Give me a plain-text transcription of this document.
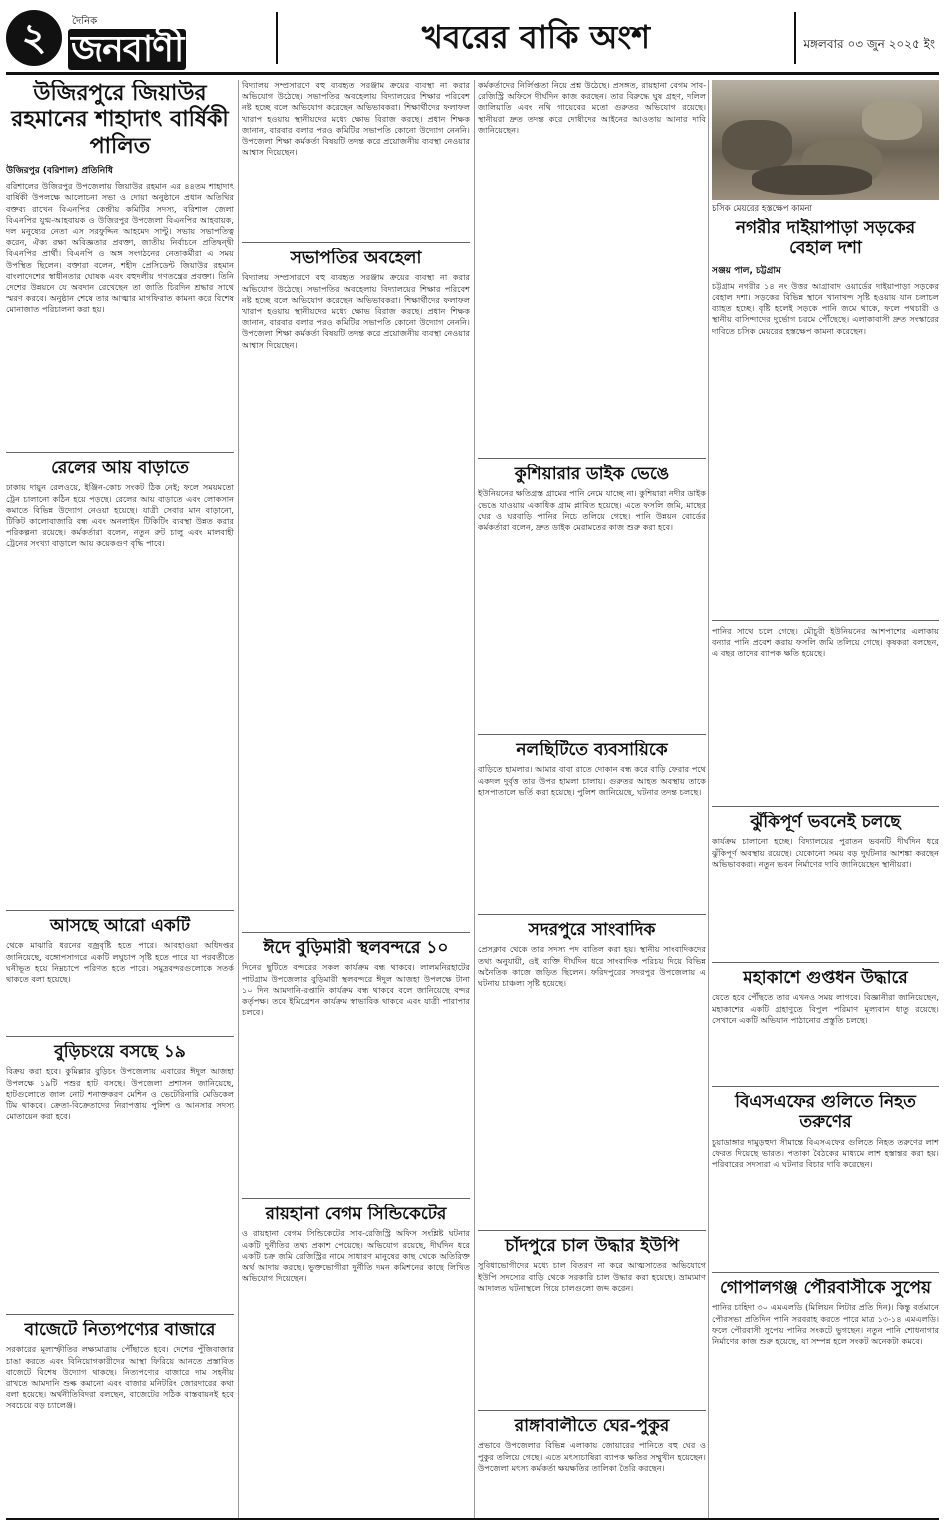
২	দৈনিক
জনবাণী	খবরের বাকি অংশ	মঙ্গলবার ০৩ জুন ২০২৫ ইং
উজিরপুরে জিয়াউর রহমানের শাহাদাৎ বার্ষিকী পালিত
উজিরপুর (বরিশাল) প্রতিনিধি
বরিশালের উজিরপুর উপজেলায় জিয়াউর রহমান এর ৪৪তম শাহাদাৎ বার্ষিকী উপলক্ষে আলোচনা সভা ও দোয়া অনুষ্ঠানে প্রধান অতিথির বক্তব্য রাখেন বিএনপির কেন্দ্রীয় কমিটির সদস্য, বরিশাল জেলা বিএনপির যুগ্ম-আহবায়ক ও উজিরপুর উপজেলা বিএনপির আহবায়ক, দল মনুষ্যের নেতা এস সরফুদ্দিন আহমেদ সান্টু। সভায় সভাপতিত্ব করেন, ঐক্য রক্ষা অবিজ্ঞতার প্রবক্তা, জাতীয় নির্বাচনে প্রতিদ্বন্দ্বী বিএনপির প্রার্থী। বিএনপি ও অঙ্গ সংগঠনের নেতাকর্মীরা এ সময় উপস্থিত ছিলেন। বক্তারা বলেন, শহীদ প্রেসিডেন্ট জিয়াউর রহমান বাংলাদেশের স্বাধীনতার ঘোষক এবং বহুদলীয় গণতন্ত্রের প্রবক্তা। তিনি দেশের উন্নয়নে যে অবদান রেখেছেন তা জাতি চিরদিন শ্রদ্ধার সাথে স্মরণ করবে। অনুষ্ঠান শেষে তার আত্মার মাগফিরাত কামনা করে বিশেষ মোনাজাত পরিচালনা করা হয়।
রেলের আয় বাড়াতে
ঢাকায় দায়ুন রেলওয়ে, ইঞ্জিন-কোচ সংকট ঠিক নেই; ফলে সময়মতো ট্রেন চালানো কঠিন হয়ে পড়ছে। রেলের আয় বাড়াতে এবং লোকসান কমাতে বিভিন্ন উদ্যোগ নেওয়া হয়েছে। যাত্রী সেবার মান বাড়ানো, টিকিট কালোবাজারি বন্ধ এবং অনলাইন টিকিটিং ব্যবস্থা উন্নত করার পরিকল্পনা রয়েছে। কর্মকর্তারা বলেন, নতুন রুট চালু এবং মালবাহী ট্রেনের সংখ্যা বাড়ালে আয় কয়েকগুণ বৃদ্ধি পাবে।
আসছে আরো একটি
থেকে মাঝারি ধরনের বজ্রবৃষ্টি হতে পারে। আবহাওয়া অধিদপ্তর জানিয়েছে, বঙ্গোপসাগরে একটি লঘুচাপ সৃষ্টি হতে পারে যা পরবর্তীতে ঘনীভূত হয়ে নিম্নচাপে পরিণত হতে পারে। সমুদ্রবন্দরগুলোকে সতর্ক থাকতে বলা হয়েছে।
বুড়িচংয়ে বসছে ১৯
বিক্রয় করা হবে। কুমিল্লার বুড়িচং উপজেলায় এবারের ঈদুল আজহা উপলক্ষে ১৯টি পশুর হাট বসছে। উপজেলা প্রশাসন জানিয়েছে, হাটগুলোতে জাল নোট শনাক্তকরণ মেশিন ও ভেটেরিনারি মেডিকেল টিম থাকবে। ক্রেতা-বিক্রেতাদের নিরাপত্তায় পুলিশ ও আনসার সদস্য মোতায়েন করা হবে।
বাজেটে নিত্যপণ্যের বাজারে
সরকারের মূল্যস্ফীতির লক্ষ্যমাত্রায় পৌঁছাতে হবে। দেশের পুঁজিবাজার চাঙা করতে এবং বিনিয়োগকারীদের আস্থা ফিরিয়ে আনতে প্রস্তাবিত বাজেটে বিশেষ উদ্যোগ থাকছে। নিত্যপণ্যের বাজারে দাম সহনীয় রাখতে আমদানি শুল্ক কমানো এবং বাজার মনিটরিং জোরদারের কথা বলা হয়েছে। অর্থনীতিবিদরা বলছেন, বাজেটের সঠিক বাস্তবায়নই হবে সবচেয়ে বড় চ্যালেঞ্জ।
বিদ্যালয় সম্প্রসারণে বহু ব্যবহৃত সরঞ্জাম ক্রয়ের ব্যবস্থা না করার অভিযোগ উঠেছে। সভাপতির অবহেলায় বিদ্যালয়ের শিক্ষার পরিবেশ নষ্ট হচ্ছে বলে অভিযোগ করেছেন অভিভাবকরা। শিক্ষার্থীদের ফলাফল খারাপ হওয়ায় স্থানীয়দের মধ্যে ক্ষোভ বিরাজ করছে। প্রধান শিক্ষক জানান, বারবার বলার পরও কমিটির সভাপতি কোনো উদ্যোগ নেননি। উপজেলা শিক্ষা কর্মকর্তা বিষয়টি তদন্ত করে প্রয়োজনীয় ব্যবস্থা নেওয়ার আশ্বাস দিয়েছেন।
সভাপতির অবহেলা
বিদ্যালয় সম্প্রসারণে বহু ব্যবহৃত সরঞ্জাম ক্রয়ের ব্যবস্থা না করার অভিযোগ উঠেছে। সভাপতির অবহেলায় বিদ্যালয়ের শিক্ষার পরিবেশ নষ্ট হচ্ছে বলে অভিযোগ করেছেন অভিভাবকরা। শিক্ষার্থীদের ফলাফল খারাপ হওয়ায় স্থানীয়দের মধ্যে ক্ষোভ বিরাজ করছে। প্রধান শিক্ষক জানান, বারবার বলার পরও কমিটির সভাপতি কোনো উদ্যোগ নেননি। উপজেলা শিক্ষা কর্মকর্তা বিষয়টি তদন্ত করে প্রয়োজনীয় ব্যবস্থা নেওয়ার আশ্বাস দিয়েছেন।
ঈদে বুড়িমারী স্থলবন্দরে ১০
দিনের ছুটিতে বন্দরের সকল কার্যক্রম বন্ধ থাকবে। লালমনিরহাটের পাটগ্রাম উপজেলার বুড়িমারী স্থলবন্দরে ঈদুল আজহা উপলক্ষে টানা ১০ দিন আমদানি-রপ্তানি কার্যক্রম বন্ধ থাকবে বলে জানিয়েছে বন্দর কর্তৃপক্ষ। তবে ইমিগ্রেশন কার্যক্রম স্বাভাবিক থাকবে এবং যাত্রী পারাপার চলবে।
রায়হানা বেগম সিন্ডিকেটের
ও রায়হানা বেগম সিন্ডিকেটের সাব-রেজিস্ট্রি অফিস সংশ্লিষ্ট ঘটনার একটি দুর্নীতির তথ্য প্রকাশ পেয়েছে। অভিযোগ রয়েছে, দীর্ঘদিন ধরে একটি চক্র জমি রেজিস্ট্রির নামে সাধারণ মানুষের কাছ থেকে অতিরিক্ত অর্থ আদায় করছে। ভুক্তভোগীরা দুর্নীতি দমন কমিশনের কাছে লিখিত অভিযোগ দিয়েছেন।
কর্মকর্তাদের নির্লিপ্ততা নিয়ে প্রশ্ন উঠেছে। প্রসঙ্গত, রায়হানা বেগম সাব-রেজিস্ট্রি অফিসে দীর্ঘদিন কাজ করছেন। তার বিরুদ্ধে ঘুষ গ্রহণ, দলিল জালিয়াতি এবং নথি গায়েবের মতো গুরুতর অভিযোগ রয়েছে। স্থানীয়রা দ্রুত তদন্ত করে দোষীদের আইনের আওতায় আনার দাবি জানিয়েছেন।
কুশিয়ারার ডাইক ভেঙে
ইউনিয়নের ক্ষতিগ্রস্ত গ্রামের পানি নেমে যাচ্ছে না। কুশিয়ারা নদীর ডাইক ভেঙে যাওয়ায় একাধিক গ্রাম প্লাবিত হয়েছে। এতে ফসলি জমি, মাছের ঘের ও ঘরবাড়ি পানির নিচে তলিয়ে গেছে। পানি উন্নয়ন বোর্ডের কর্মকর্তারা বলেন, দ্রুত ডাইক মেরামতের কাজ শুরু করা হবে।
নলছিটিতে ব্যবসায়িকে
বাড়িতে হামলার। আমার বাবা রাতে দোকান বন্ধ করে বাড়ি ফেরার পথে একদল দুর্বৃত্ত তার উপর হামলা চালায়। গুরুতর আহত অবস্থায় তাকে হাসপাতালে ভর্তি করা হয়েছে। পুলিশ জানিয়েছে, ঘটনার তদন্ত চলছে।
সদরপুরে সাংবাদিক
প্রেসক্লাব থেকে তার সদস্য পদ বাতিল করা হয়। স্থানীয় সাংবাদিকদের তথ্য অনুযায়ী, ওই ব্যক্তি দীর্ঘদিন ধরে সাংবাদিক পরিচয় দিয়ে বিভিন্ন অনৈতিক কাজে জড়িত ছিলেন। ফরিদপুরের সদরপুর উপজেলায় এ ঘটনায় চাঞ্চল্য সৃষ্টি হয়েছে।
চাঁদপুরে চাল উদ্ধার ইউপি
সুবিধাভোগীদের মধ্যে চাল বিতরণ না করে আত্মসাতের অভিযোগে ইউপি সদস্যের বাড়ি থেকে সরকারি চাল উদ্ধার করা হয়েছে। ভ্রাম্যমাণ আদালত ঘটনাস্থলে গিয়ে চালগুলো জব্দ করেন।
রাঙ্গাবালীতে ঘের-পুকুর
প্রভাবে উপজেলার বিভিন্ন এলাকায় জোয়ারের পানিতে বহু ঘের ও পুকুর তলিয়ে গেছে। এতে মৎস্যচাষিরা ব্যাপক ক্ষতির সম্মুখীন হয়েছেন। উপজেলা মৎস্য কর্মকর্তা ক্ষয়ক্ষতির তালিকা তৈরি করছেন।
চসিক মেয়রের হস্তক্ষেপ কামনা
নগরীর দাইয়াপাড়া সড়কের বেহাল দশা
সঞ্জয় পাল, চট্টগ্রাম
চট্টগ্রাম নগরীর ১৪ নং উত্তর আগ্রাবাদ ওয়ার্ডের দাইয়াপাড়া সড়কের বেহাল দশা। সড়কের বিভিন্ন স্থানে খানাখন্দ সৃষ্টি হওয়ায় যান চলাচল ব্যাহত হচ্ছে। বৃষ্টি হলেই সড়কে পানি জমে থাকে, ফলে পথচারী ও স্থানীয় বাসিন্দাদের দুর্ভোগ চরমে পৌঁছেছে। এলাকাবাসী দ্রুত সংস্কারের দাবিতে চসিক মেয়রের হস্তক্ষেপ কামনা করেছেন।
পানির সাথে চলে গেছে। মৌচুরী ইউনিয়নের আশপাশের এলাকায় বন্যার পানি প্রবেশ করায় ফসলি জমি তলিয়ে গেছে। কৃষকরা বলছেন, এ বছর তাদের ব্যাপক ক্ষতি হয়েছে।
ঝুঁকিপূর্ণ ভবনেই চলছে
কার্যক্রম চালানো হচ্ছে। বিদ্যালয়ের পুরাতন ভবনটি দীর্ঘদিন ধরে ঝুঁকিপূর্ণ অবস্থায় রয়েছে। যেকোনো সময় বড় দুর্ঘটনার আশঙ্কা করছেন অভিভাবকরা। নতুন ভবন নির্মাণের দাবি জানিয়েছেন স্থানীয়রা।
মহাকাশে গুপ্তধন উদ্ধারে
যেতে হবে পৌঁছতে তার এখনও সময় লাগবে। বিজ্ঞানীরা জানিয়েছেন, মহাকাশের একটি গ্রহাণুতে বিপুল পরিমাণ মূল্যবান ধাতু রয়েছে। সেখানে একটি অভিযান পাঠানোর প্রস্তুতি চলছে।
বিএসএফের গুলিতে নিহত তরুণের
চুয়াডাঙ্গার দামুড়হুদা সীমান্তে বিএসএফের গুলিতে নিহত তরুণের লাশ ফেরত দিয়েছে ভারত। পতাকা বৈঠকের মাধ্যমে লাশ হস্তান্তর করা হয়। পরিবারের সদস্যরা এ ঘটনার বিচার দাবি করেছেন।
গোপালগঞ্জ পৌরবাসীকে সুপেয়
পানির চাহিদা ৩০ এমএলডি (মিলিয়ন লিটার প্রতি দিন)। কিন্তু বর্তমানে পৌরসভা প্রতিদিন পানি সরবরাহ করতে পারে মাত্র ১৩-১৪ এমএলডি। ফলে পৌরবাসী সুপেয় পানির সংকটে ভুগছেন। নতুন পানি শোধনাগার নির্মাণের কাজ শুরু হয়েছে, যা সম্পন্ন হলে সংকট অনেকটা কমবে।
